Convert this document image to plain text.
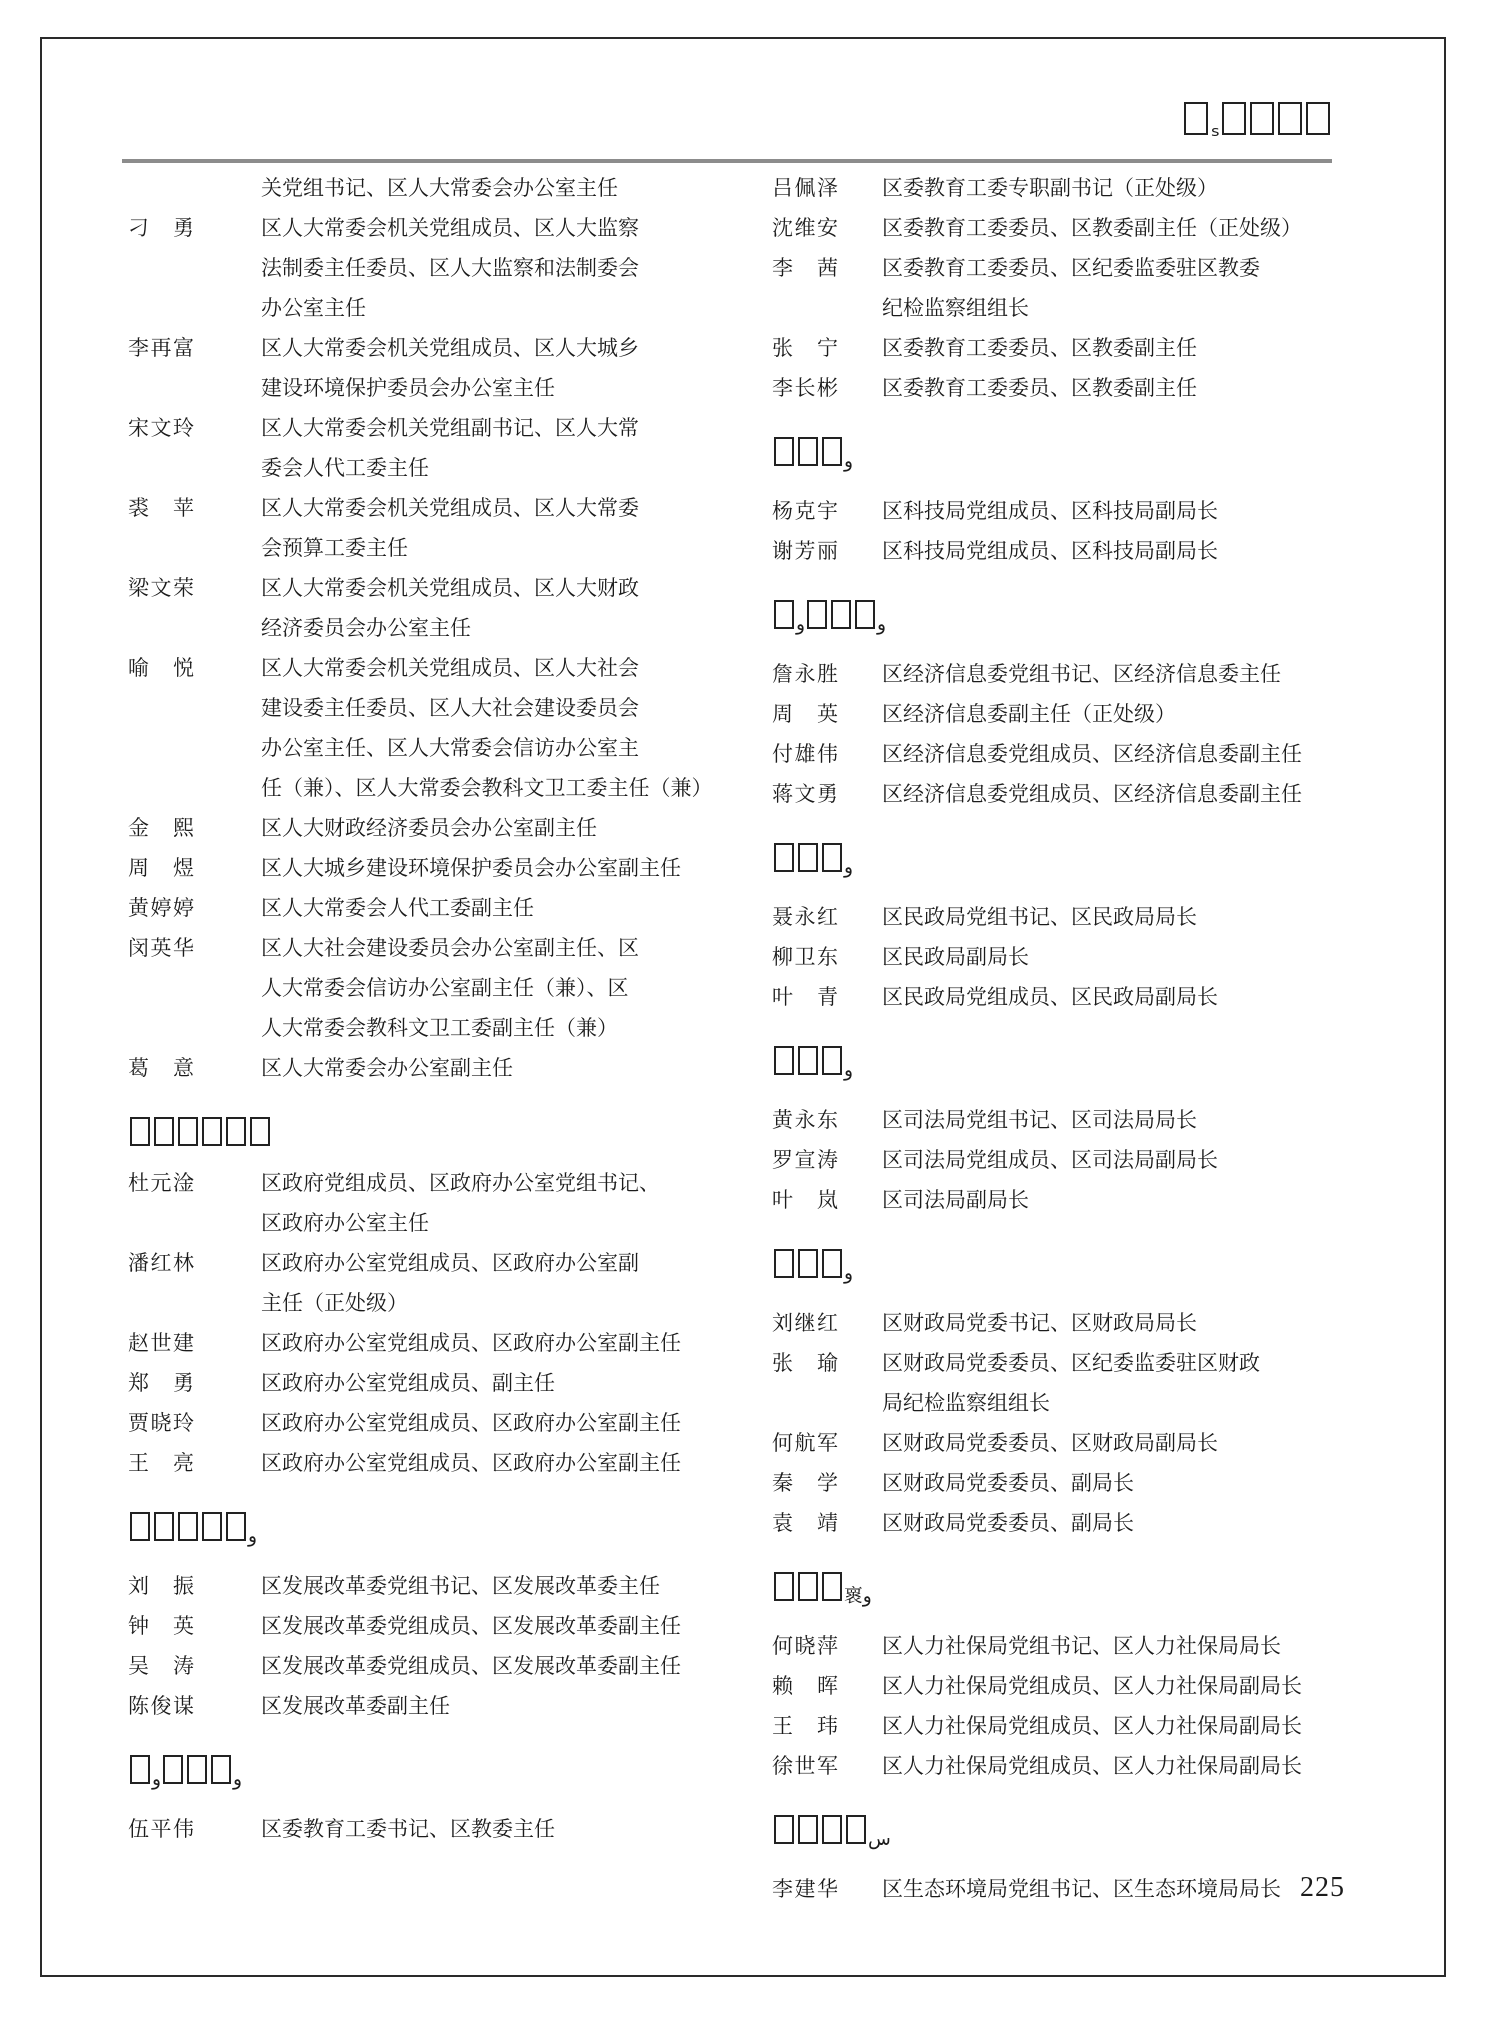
ₛ
关党组书记、区人大常委会办公室主任
刁勇	区人大常委会机关党组成员、区人大监察
法制委主任委员、区人大监察和法制委会
办公室主任
李再富	区人大常委会机关党组成员、区人大城乡
建设环境保护委员会办公室主任
宋文玲	区人大常委会机关党组副书记、区人大常
委会人代工委主任
裘苹	区人大常委会机关党组成员、区人大常委
会预算工委主任
梁文荣	区人大常委会机关党组成员、区人大财政
经济委员会办公室主任
喻悦	区人大常委会机关党组成员、区人大社会
建设委主任委员、区人大社会建设委员会
办公室主任、区人大常委会信访办公室主
任（兼）、区人大常委会教科文卫工委主任（兼）
金熙	区人大财政经济委员会办公室副主任
周煜	区人大城乡建设环境保护委员会办公室副主任
黄婷婷	区人大常委会人代工委副主任
闵英华	区人大社会建设委员会办公室副主任、区
人大常委会信访办公室副主任（兼）、区
人大常委会教科文卫工委副主任（兼）
葛意	区人大常委会办公室副主任
杜元淦	区政府党组成员、区政府办公室党组书记、
区政府办公室主任
潘红林	区政府办公室党组成员、区政府办公室副
主任（正处级）
赵世建	区政府办公室党组成员、区政府办公室副主任
郑勇	区政府办公室党组成员、副主任
贾晓玲	区政府办公室党组成员、区政府办公室副主任
王亮	区政府办公室党组成员、区政府办公室副主任
و
刘振	区发展改革委党组书记、区发展改革委主任
钟英	区发展改革委党组成员、区发展改革委副主任
吴涛	区发展改革委党组成员、区发展改革委副主任
陈俊谋	区发展改革委副主任
و	و
伍平伟	区委教育工委书记、区教委主任
吕佩泽 区委教育工委专职副书记（正处级）
沈维安 区委教育工委委员、区教委副主任（正处级）
李茜 区委教育工委委员、区纪委监委驻区教委
纪检监察组组长
张宁 区委教育工委委员、区教委副主任
李长彬 区委教育工委委员、区教委副主任
و
杨克宇 区科技局党组成员、区科技局副局长
谢芳丽 区科技局党组成员、区科技局副局长
و	و
詹永胜 区经济信息委党组书记、区经济信息委主任
周英 区经济信息委副主任（正处级）
付雄伟 区经济信息委党组成员、区经济信息委副主任
蒋文勇 区经济信息委党组成员、区经济信息委副主任
و
聂永红 区民政局党组书记、区民政局局长
柳卫东 区民政局副局长
叶青 区民政局党组成员、区民政局副局长
و
黄永东 区司法局党组书记、区司法局局长
罗宣涛 区司法局党组成员、区司法局副局长
叶岚 区司法局副局长
و
刘继红 区财政局党委书记、区财政局局长
张瑜 区财政局党委委员、区纪委监委驻区财政
局纪检监察组组长
何航军 区财政局党委委员、区财政局副局长
秦学 区财政局党委委员、副局长
袁靖 区财政局党委委员、副局长
褱و
何晓萍 区人力社保局党组书记、区人力社保局局长
赖晖 区人力社保局党组成员、区人力社保局副局长
王玮 区人力社保局党组成员、区人力社保局副局长
徐世军 区人力社保局党组成员、区人力社保局副局长
س
李建华 区生态环境局党组书记、区生态环境局局长 225
